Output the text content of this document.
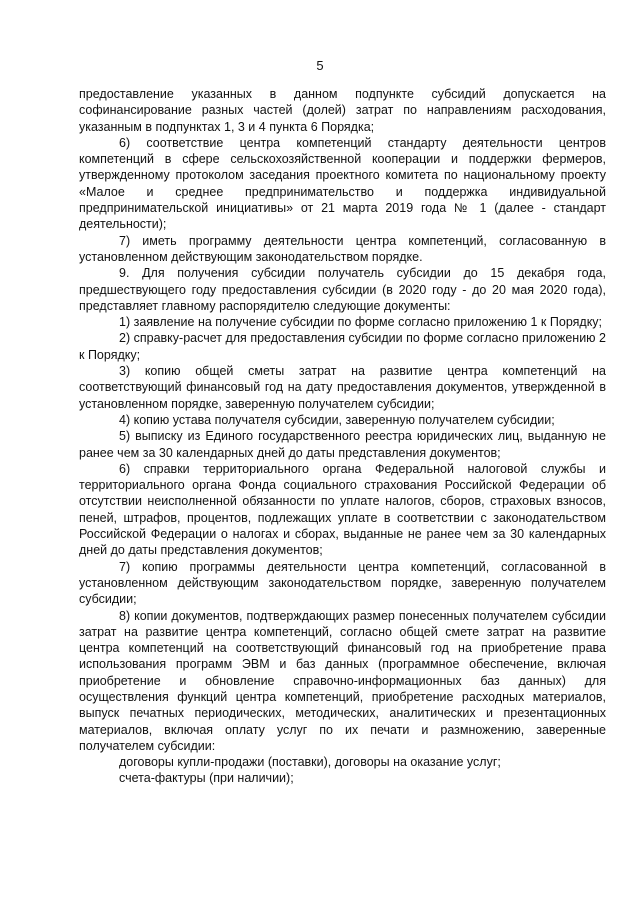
5

предоставление указанных в данном подпункте субсидий допускается на софинансирование разных частей (долей) затрат по направлениям расходования, указанным в подпунктах 1, 3 и 4 пункта 6 Порядка;

6) соответствие центра компетенций стандарту деятельности центров компетенций в сфере сельскохозяйственной кооперации и поддержки фермеров, утвержденному протоколом заседания проектного комитета по национальному проекту «Малое и среднее предпринимательство и поддержка индивидуальной предпринимательской инициативы» от 21 марта 2019 года № 1 (далее - стандарт деятельности);

7) иметь программу деятельности центра компетенций, согласованную в установленном действующим законодательством порядке.

9. Для получения субсидии получатель субсидии до 15 декабря года, предшествующего году предоставления субсидии (в 2020 году - до 20 мая 2020 года), представляет главному распорядителю следующие документы:

1) заявление на получение субсидии по форме согласно приложению 1 к Порядку;

2) справку-расчет для предоставления субсидии по форме согласно приложению 2 к Порядку;

3) копию общей сметы затрат на развитие центра компетенций на соответствующий финансовый год на дату предоставления документов, утвержденной в установленном порядке, заверенную получателем субсидии;

4) копию устава получателя субсидии, заверенную получателем субсидии;

5) выписку из Единого государственного реестра юридических лиц, выданную не ранее чем за 30 календарных дней до даты представления документов;

6) справки территориального органа Федеральной налоговой службы и территориального органа Фонда социального страхования Российской Федерации об отсутствии неисполненной обязанности по уплате налогов, сборов, страховых взносов, пеней, штрафов, процентов, подлежащих уплате в соответствии с законодательством Российской Федерации о налогах и сборах, выданные не ранее чем за 30 календарных дней до даты представления документов;

7) копию программы деятельности центра компетенций, согласованной в установленном действующим законодательством порядке, заверенную получателем субсидии;

8) копии документов, подтверждающих размер понесенных получателем субсидии затрат на развитие центра компетенций, согласно общей смете затрат на развитие центра компетенций на соответствующий финансовый год на приобретение права использования программ ЭВМ и баз данных (программное обеспечение, включая приобретение и обновление справочно-информационных баз данных) для осуществления функций центра компетенций, приобретение расходных материалов, выпуск печатных периодических, методических, аналитических и презентационных материалов, включая оплату услуг по их печати и размножению, заверенные получателем субсидии:

договоры купли-продажи (поставки), договоры на оказание услуг;

счета-фактуры (при наличии);
